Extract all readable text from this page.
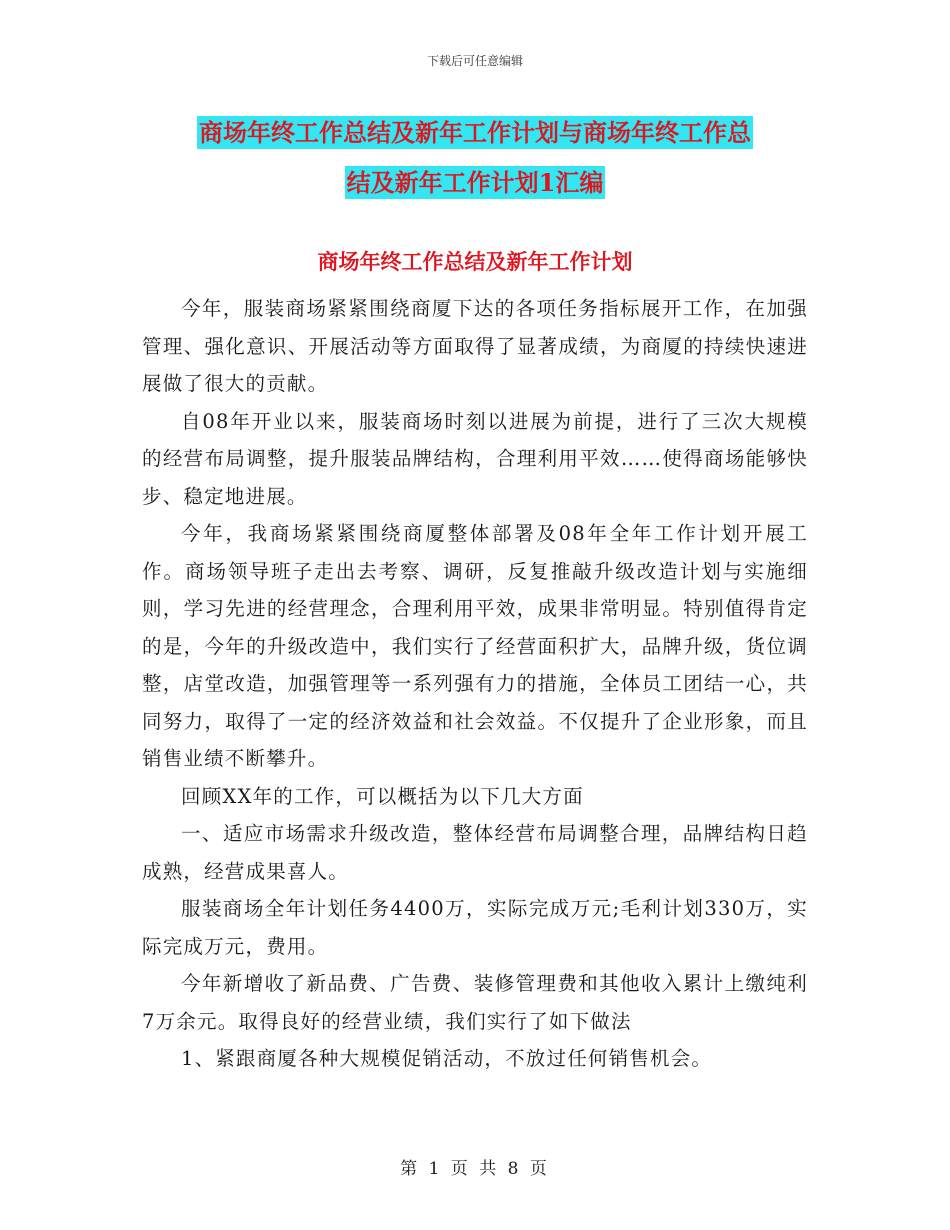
下载后可任意编辑
商场年终工作总结及新年工作计划与商场年终工作总
结及新年工作计划1汇编
商场年终工作总结及新年工作计划

今年，服装商场紧紧围绕商厦下达的各项任务指标展开工作，在加强管理、强化意识、开展活动等方面取得了显著成绩，为商厦的持续快速进展做了很大的贡献。

自08年开业以来，服装商场时刻以进展为前提，进行了三次大规模的经营布局调整，提升服装品牌结构，合理利用平效……使得商场能够快步、稳定地进展。

今年，我商场紧紧围绕商厦整体部署及08年全年工作计划开展工作。商场领导班子走出去考察、调研，反复推敲升级改造计划与实施细则，学习先进的经营理念，合理利用平效，成果非常明显。特别值得肯定的是，今年的升级改造中，我们实行了经营面积扩大，品牌升级，货位调整，店堂改造，加强管理等一系列强有力的措施，全体员工团结一心，共同努力，取得了一定的经济效益和社会效益。不仅提升了企业形象，而且销售业绩不断攀升。

回顾XX年的工作，可以概括为以下几大方面

一、适应市场需求升级改造，整体经营布局调整合理，品牌结构日趋成熟，经营成果喜人。

服装商场全年计划任务4400万，实际完成万元;毛利计划330万，实际完成万元，费用。

今年新增收了新品费、广告费、装修管理费和其他收入累计上缴纯利7万余元。取得良好的经营业绩，我们实行了如下做法

1、紧跟商厦各种大规模促销活动，不放过任何销售机会。

第 1 页 共 8 页
